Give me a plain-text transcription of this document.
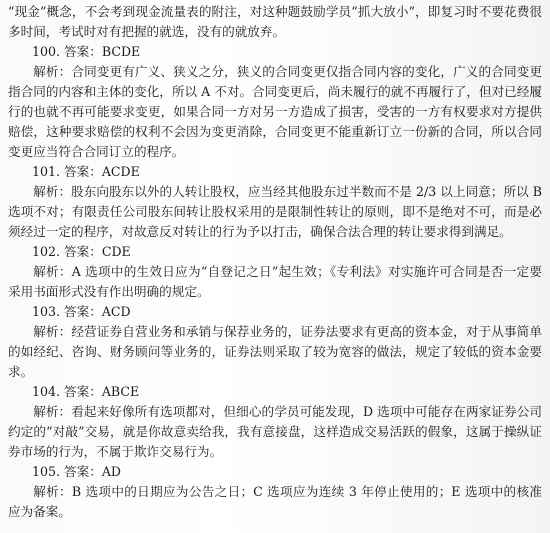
“现金”概念，不会考到现金流量表的附注，对这种题鼓励学员“抓大放小”，即复习时不要花费很多时间，考试时对有把握的就选，没有的就放弃。

100. 答案：BCDE

解析：合同变更有广义、狭义之分，狭义的合同变更仅指合同内容的变化，广义的合同变更指合同的内容和主体的变化，所以 A 不对。合同变更后，尚未履行的就不再履行了，但对已经履行的也就不再可能要求变更，如果合同一方对另一方造成了损害，受害的一方有权要求对方提供赔偿，这种要求赔偿的权利不会因为变更消除，合同变更不能重新订立一份新的合同，所以合同变更应当符合合同订立的程序。

101. 答案：ACDE

解析：股东向股东以外的人转让股权，应当经其他股东过半数而不是 2/3 以上同意；所以 B 选项不对；有限责任公司股东间转让股权采用的是限制性转让的原则，即不是绝对不可，而是必须经过一定的程序，对故意反对转让的行为予以打击，确保合法合理的转让要求得到满足。

102. 答案：CDE

解析：A 选项中的生效日应为“自登记之日”起生效；《专利法》对实施许可合同是否一定要采用书面形式没有作出明确的规定。

103. 答案：ACD

解析：经营证券自营业务和承销与保荐业务的，证券法要求有更高的资本金，对于从事简单的如经纪、咨询、财务顾问等业务的，证券法则采取了较为宽容的做法，规定了较低的资本金要求。

104. 答案：ABCE

解析：看起来好像所有选项都对，但细心的学员可能发现，D 选项中可能存在两家证券公司约定的“对敲”交易，就是你故意卖给我，我有意接盘，这样造成交易活跃的假象，这属于操纵证券市场的行为，不属于欺诈交易行为。

105. 答案：AD

解析：B 选项中的日期应为公告之日；C 选项应为连续 3 年停止使用的；E 选项中的核准应为备案。
